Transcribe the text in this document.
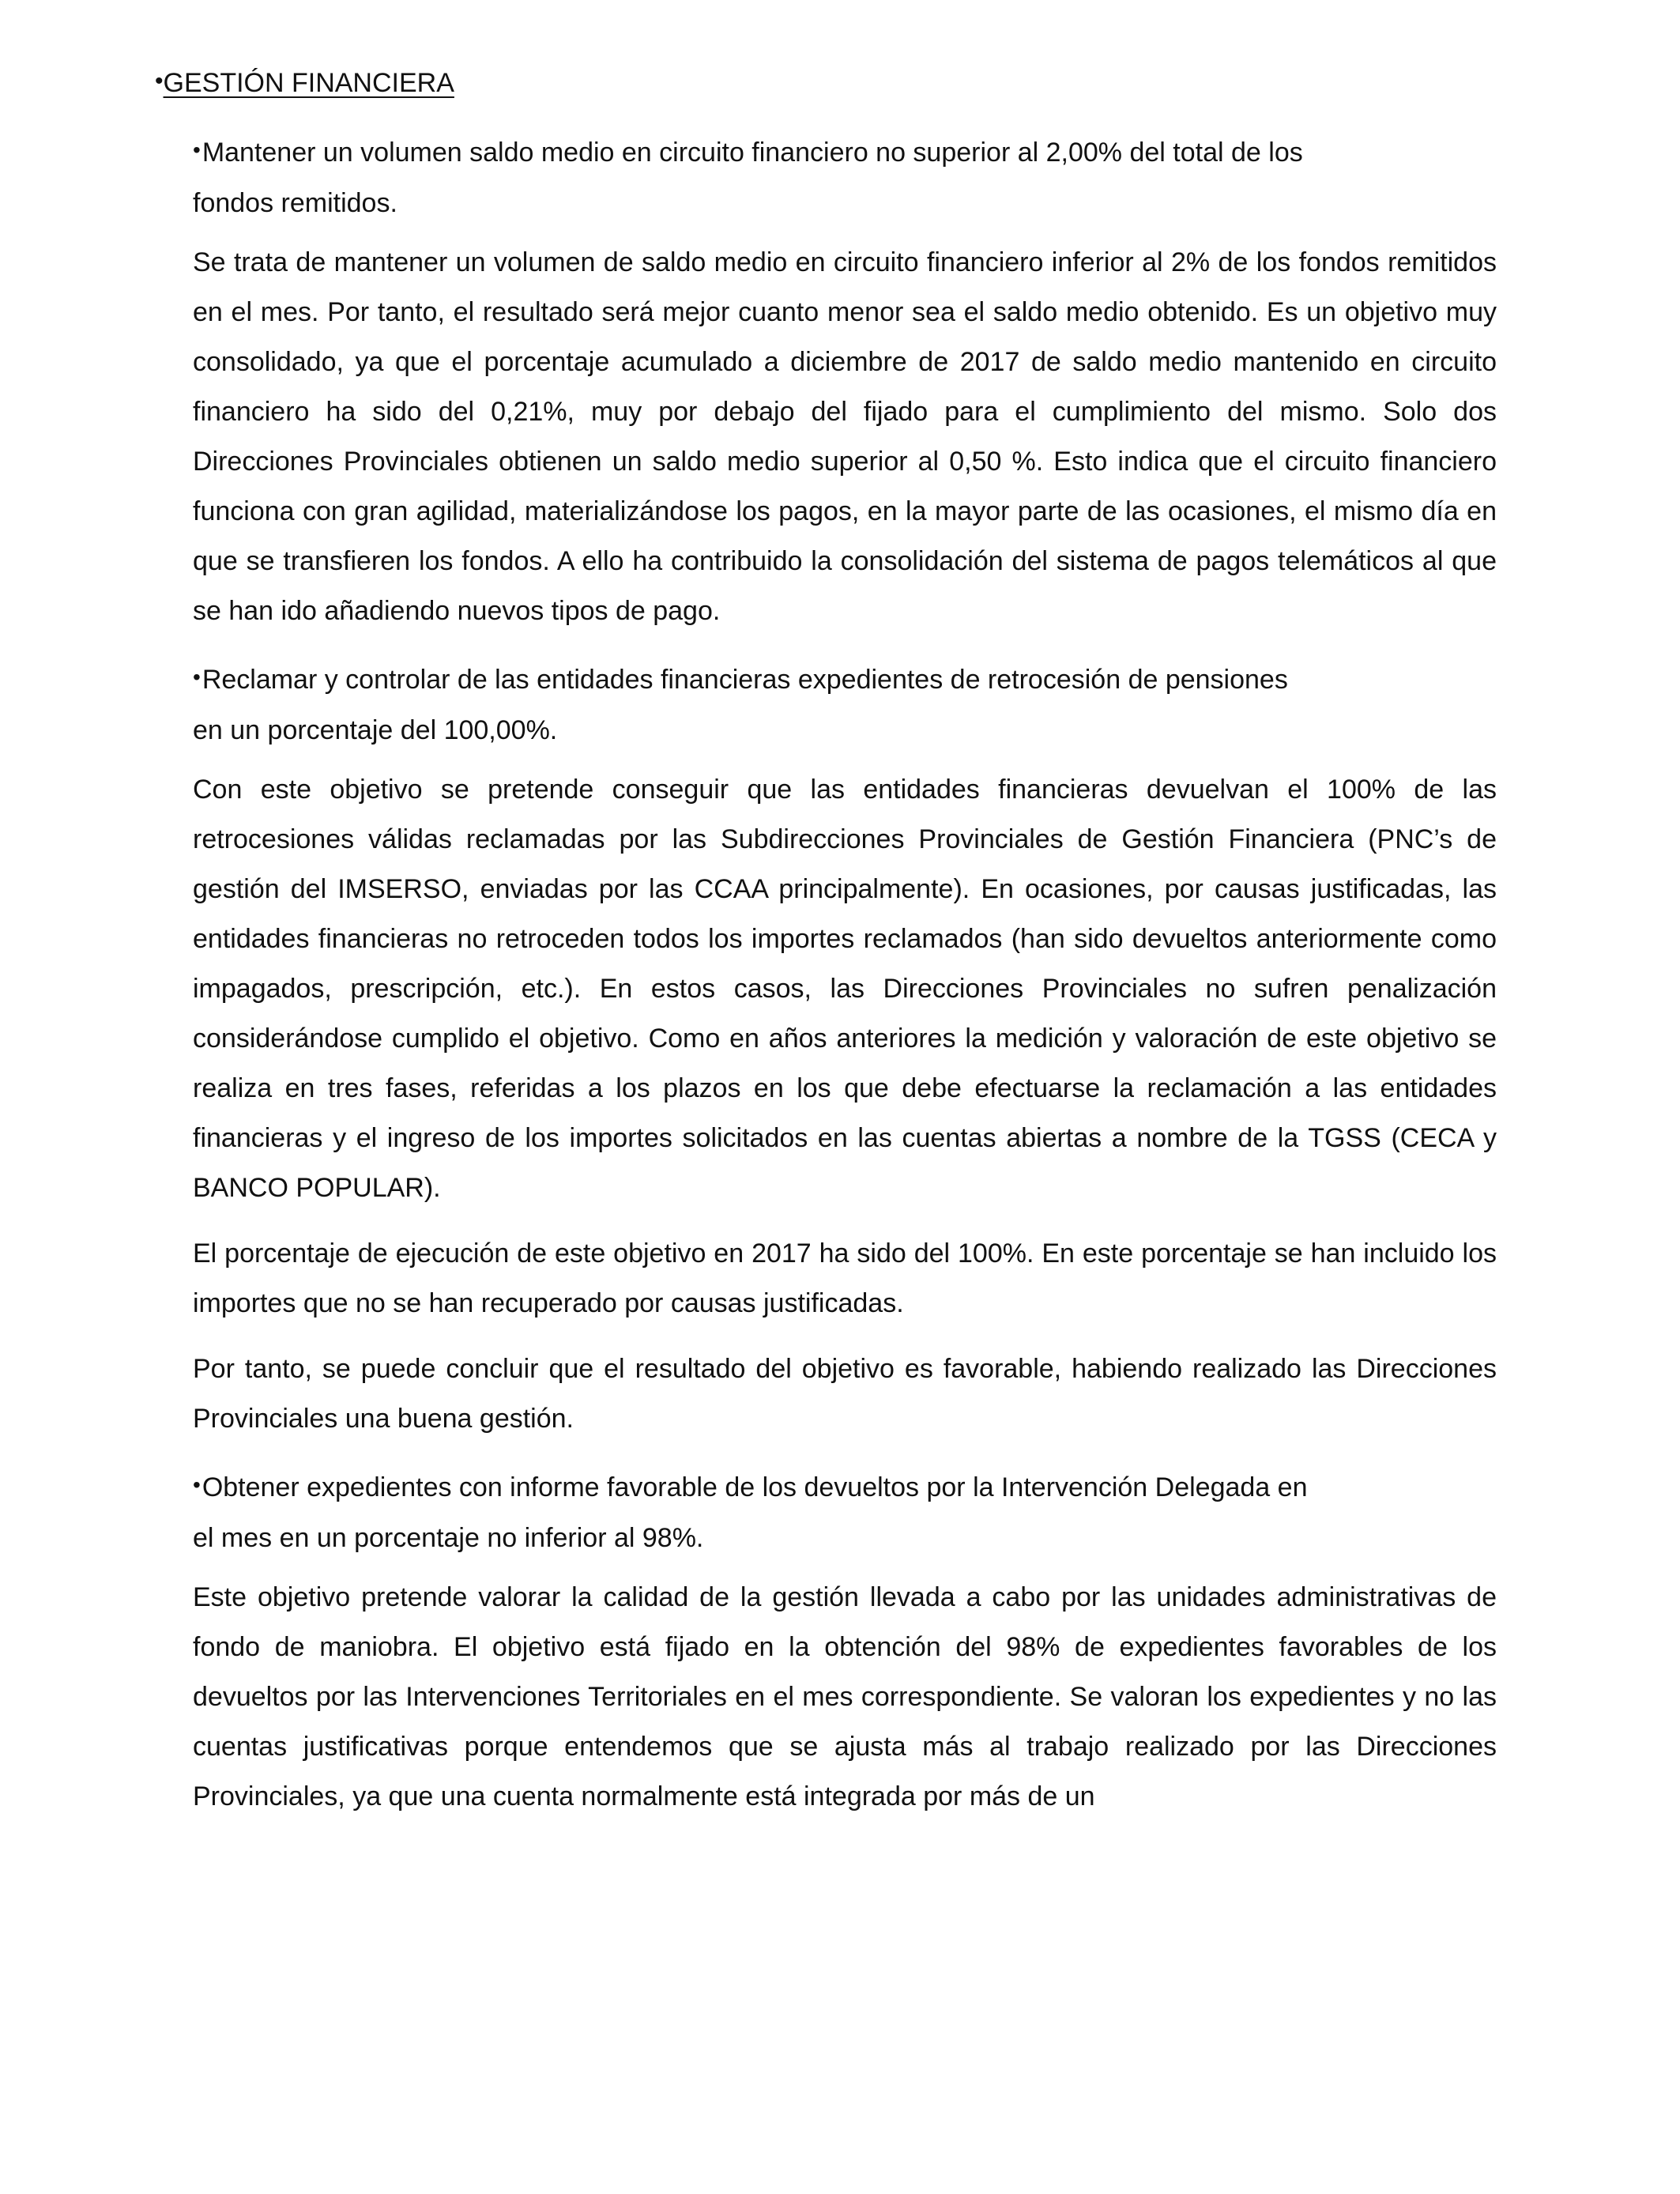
•GESTIÓN FINANCIERA
•Mantener un volumen saldo medio en circuito financiero no superior al 2,00% del total de los
fondos remitidos.

Se trata de mantener un volumen de saldo medio en circuito financiero inferior al 2% de los fondos remitidos en el mes. Por tanto, el resultado será mejor cuanto menor sea el saldo medio obtenido. Es un objetivo muy consolidado, ya que el porcentaje acumulado a diciembre de 2017 de saldo medio mantenido en circuito financiero ha sido del 0,21%, muy por debajo del fijado para el cumplimiento del mismo. Solo dos Direcciones Provinciales obtienen un saldo medio superior al 0,50 %. Esto indica que el circuito financiero funciona con gran agilidad, materializándose los pagos, en la mayor parte de las ocasiones, el mismo día en que se transfieren los fondos. A ello ha contribuido la consolidación del sistema de pagos telemáticos al que se han ido añadiendo nuevos tipos de pago.

•Reclamar y controlar de las entidades financieras expedientes de retrocesión de pensiones
en un porcentaje del 100,00%.

Con este objetivo se pretende conseguir que las entidades financieras devuelvan el 100% de las retrocesiones válidas reclamadas por las Subdirecciones Provinciales de Gestión Financiera (PNC’s de gestión del IMSERSO, enviadas por las CCAA principalmente). En ocasiones, por causas justificadas, las entidades financieras no retroceden todos los importes reclamados (han sido devueltos anteriormente como impagados, prescripción, etc.). En estos casos, las Direcciones Provinciales no sufren penalización considerándose cumplido el objetivo. Como en años anteriores la medición y valoración de este objetivo se realiza en tres fases, referidas a los plazos en los que debe efectuarse la reclamación a las entidades financieras y el ingreso de los importes solicitados en las cuentas abiertas a nombre de la TGSS (CECA y BANCO POPULAR).

El porcentaje de ejecución de este objetivo en 2017 ha sido del 100%. En este porcentaje se han incluido los importes que no se han recuperado por causas justificadas.

Por tanto, se puede concluir que el resultado del objetivo es favorable, habiendo realizado las Direcciones Provinciales una buena gestión.

•Obtener expedientes con informe favorable de los devueltos por la Intervención Delegada en
el mes en un porcentaje no inferior al 98%.

Este objetivo pretende valorar la calidad de la gestión llevada a cabo por las unidades administrativas de fondo de maniobra. El objetivo está fijado en la obtención del 98% de expedientes favorables de los devueltos por las Intervenciones Territoriales en el mes correspondiente. Se valoran los expedientes y no las cuentas justificativas porque entendemos que se ajusta más al trabajo realizado por las Direcciones Provinciales, ya que una cuenta normalmente está integrada por más de un
